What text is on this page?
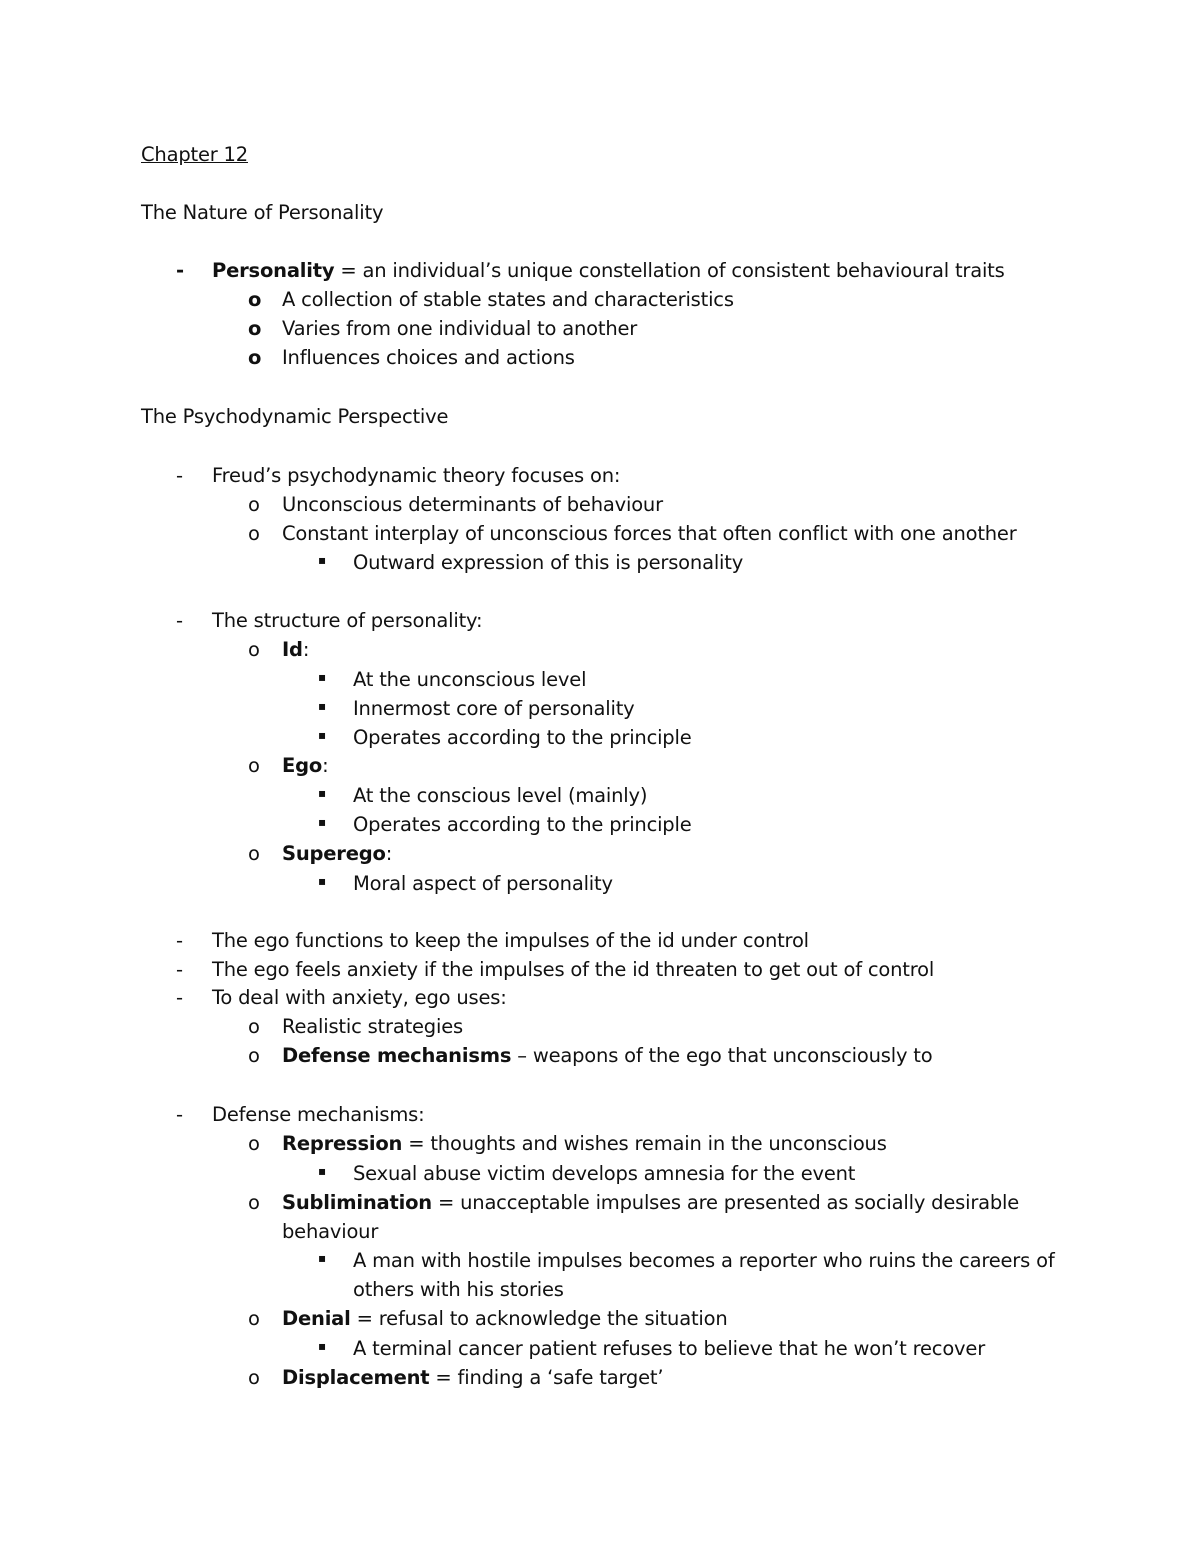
Chapter 12
The Nature of Personality
- Personality = an individual’s unique constellation of consistent behavioural traits
o A collection of stable states and characteristics
o Varies from one individual to another
o Influences choices and actions
The Psychodynamic Perspective
- Freud’s psychodynamic theory focuses on:
o Unconscious determinants of behaviour
o Constant interplay of unconscious forces that often conflict with one another
▪ Outward expression of this is personality
- The structure of personality:
o Id:
▪ At the unconscious level
▪ Innermost core of personality
▪ Operates according to the principle
o Ego:
▪ At the conscious level (mainly)
▪ Operates according to the principle
o Superego:
▪ Moral aspect of personality
- The ego functions to keep the impulses of the id under control
- The ego feels anxiety if the impulses of the id threaten to get out of control
- To deal with anxiety, ego uses:
o Realistic strategies
o Defense mechanisms – weapons of the ego that unconsciously to
- Defense mechanisms:
o Repression = thoughts and wishes remain in the unconscious
▪ Sexual abuse victim develops amnesia for the event
o Sublimination = unacceptable impulses are presented as socially desirable
behaviour
▪ A man with hostile impulses becomes a reporter who ruins the careers of
others with his stories
o Denial = refusal to acknowledge the situation
▪ A terminal cancer patient refuses to believe that he won’t recover
o Displacement = finding a ‘safe target’
